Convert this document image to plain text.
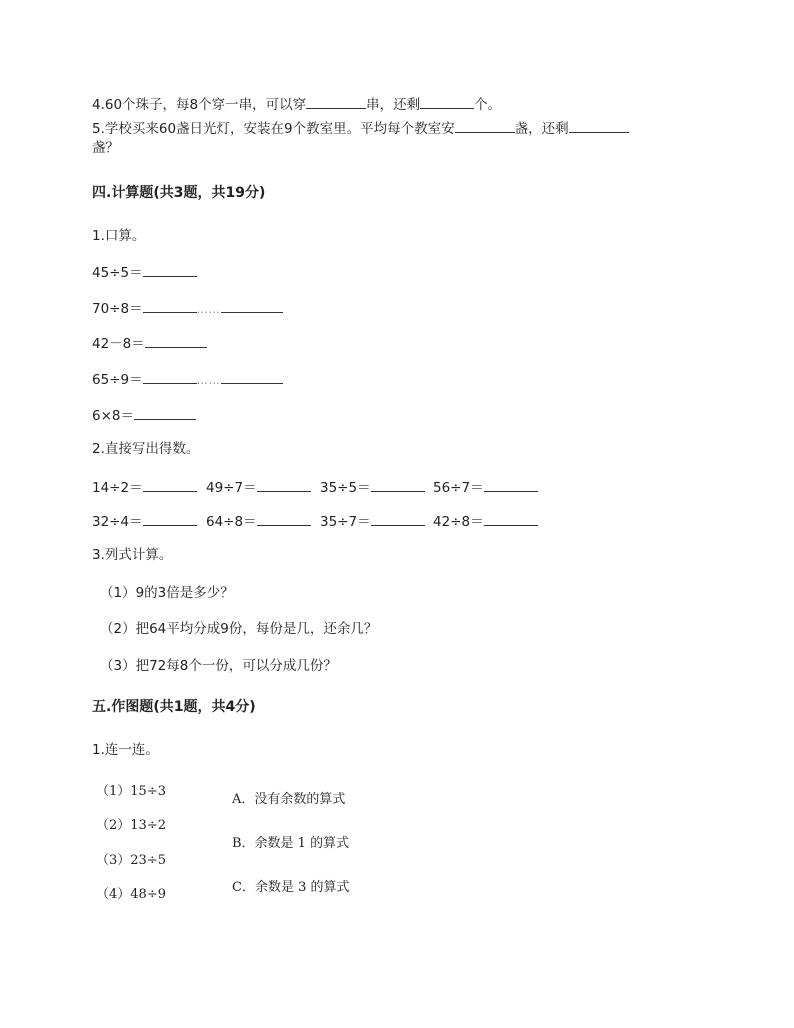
4.60个珠子，每8个穿一串，可以穿	串，还剩	个。
5.学校买来60盏日光灯，安装在9个教室里。平均每个教室安	盏，还剩
盏？
四.计算题(共3题，共19分)
1.口算。
45÷5＝
70÷8＝	……
42－8＝
65÷9＝	……
6×8＝
2.直接写出得数。
14÷2＝	49÷7＝	35÷5＝	56÷7＝
32÷4＝	64÷8＝	35÷7＝	42÷8＝
3.列式计算。
（1）9的3倍是多少？
（2）把64平均分成9份，每份是几，还余几？
（3）把72每8个一份，可以分成几份？
五.作图题(共1题，共4分)
1.连一连。
（1）15÷3
（2）13÷2
（3）23÷5
（4）48÷9
A．没有余数的算式
B．余数是 1 的算式
C．余数是 3 的算式
